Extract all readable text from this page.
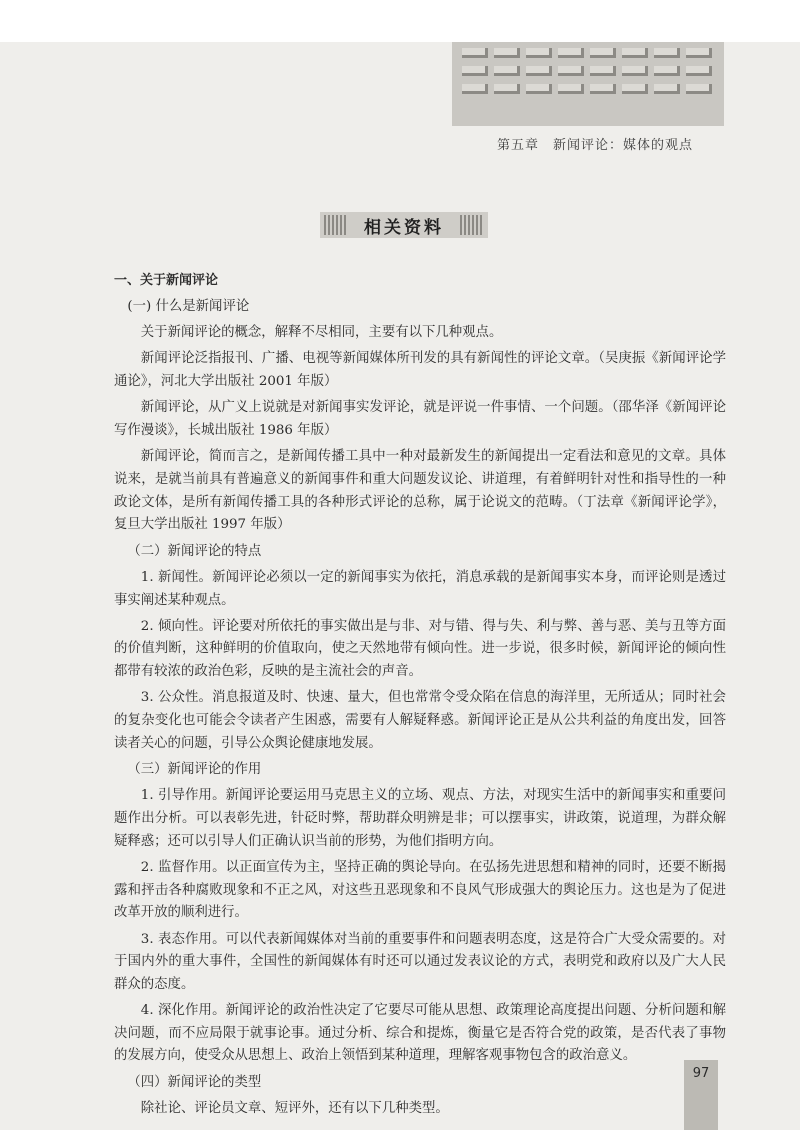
第五章　新闻评论：媒体的观点
相关资料

一、关于新闻评论

(一) 什么是新闻评论

关于新闻评论的概念，解释不尽相同，主要有以下几种观点。

新闻评论泛指报刊、广播、电视等新闻媒体所刊发的具有新闻性的评论文章。（吴庚振《新闻评论学通论》，河北大学出版社 2001 年版）

新闻评论，从广义上说就是对新闻事实发评论，就是评说一件事情、一个问题。（邵华泽《新闻评论写作漫谈》，长城出版社 1986 年版）

新闻评论，简而言之，是新闻传播工具中一种对最新发生的新闻提出一定看法和意见的文章。具体说来，是就当前具有普遍意义的新闻事件和重大问题发议论、讲道理，有着鲜明针对性和指导性的一种政论文体，是所有新闻传播工具的各种形式评论的总称，属于论说文的范畴。（丁法章《新闻评论学》，复旦大学出版社 1997 年版）

（二）新闻评论的特点

1. 新闻性。新闻评论必须以一定的新闻事实为依托，消息承载的是新闻事实本身，而评论则是透过事实阐述某种观点。

2. 倾向性。评论要对所依托的事实做出是与非、对与错、得与失、利与弊、善与恶、美与丑等方面的价值判断，这种鲜明的价值取向，使之天然地带有倾向性。进一步说，很多时候，新闻评论的倾向性都带有较浓的政治色彩，反映的是主流社会的声音。

3. 公众性。消息报道及时、快速、量大，但也常常令受众陷在信息的海洋里，无所适从；同时社会的复杂变化也可能会令读者产生困惑，需要有人解疑释惑。新闻评论正是从公共利益的角度出发，回答读者关心的问题，引导公众舆论健康地发展。

（三）新闻评论的作用

1. 引导作用。新闻评论要运用马克思主义的立场、观点、方法，对现实生活中的新闻事实和重要问题作出分析。可以表彰先进，针砭时弊，帮助群众明辨是非；可以摆事实，讲政策，说道理，为群众解疑释惑；还可以引导人们正确认识当前的形势，为他们指明方向。

2. 监督作用。以正面宣传为主，坚持正确的舆论导向。在弘扬先进思想和精神的同时，还要不断揭露和抨击各种腐败现象和不正之风，对这些丑恶现象和不良风气形成强大的舆论压力。这也是为了促进改革开放的顺利进行。

3. 表态作用。可以代表新闻媒体对当前的重要事件和问题表明态度，这是符合广大受众需要的。对于国内外的重大事件，全国性的新闻媒体有时还可以通过发表议论的方式，表明党和政府以及广大人民群众的态度。

4. 深化作用。新闻评论的政治性决定了它要尽可能从思想、政策理论高度提出问题、分析问题和解决问题，而不应局限于就事论事。通过分析、综合和提炼，衡量它是否符合党的政策，是否代表了事物的发展方向，使受众从思想上、政治上领悟到某种道理，理解客观事物包含的政治意义。

（四）新闻评论的类型

除社论、评论员文章、短评外，还有以下几种类型。

97
